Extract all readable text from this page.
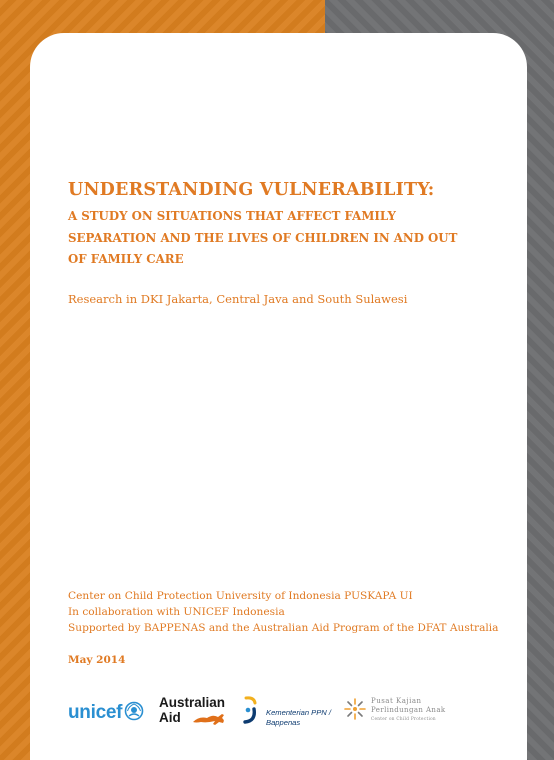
UNDERSTANDING VULNERABILITY:
A STUDY ON SITUATIONS THAT AFFECT FAMILY
SEPARATION AND THE LIVES OF CHILDREN IN AND OUT
OF FAMILY CARE
Research in DKI Jakarta, Central Java and South Sulawesi
Center on Child Protection University of Indonesia PUSKAPA UI
In collaboration with UNICEF Indonesia
Supported by BAPPENAS and the Australian Aid Program of the DFAT Australia
May 2014
unicef	Australian
Aid	Kementerian PPN /
Bappenas
Pusat Kajian
Perlindungan Anak
Center on Child Protection
